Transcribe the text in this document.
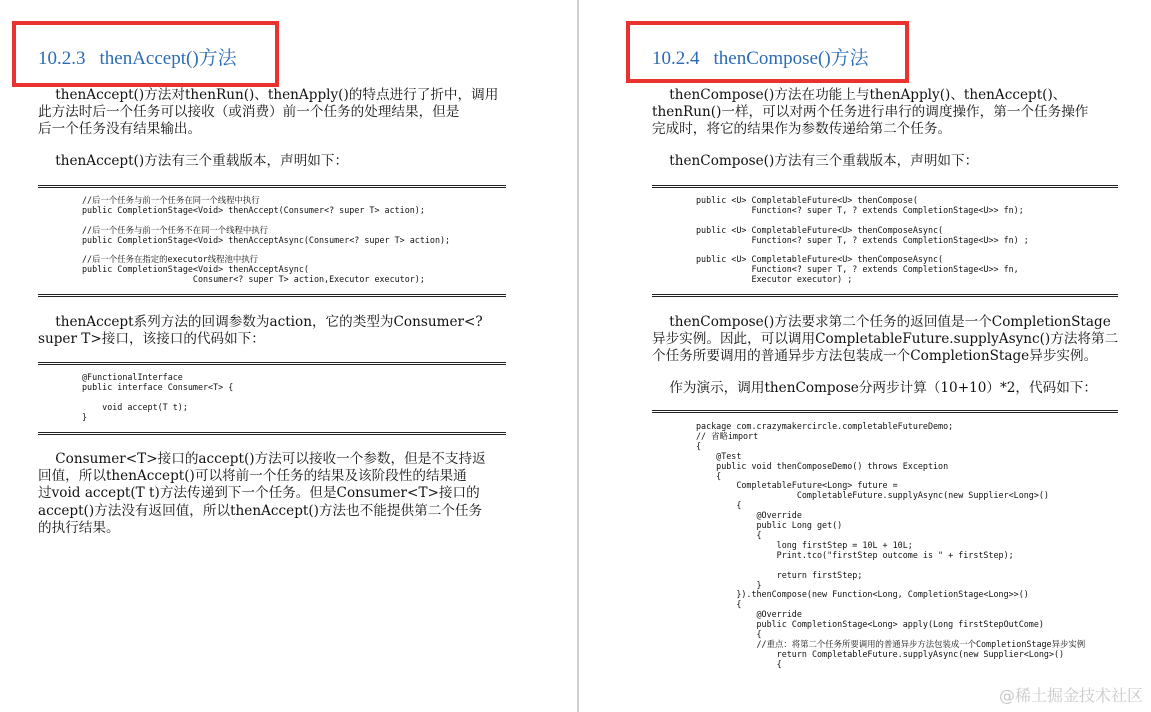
10.2.3 thenAccept()方法
thenAccept()方法对thenRun()、thenApply()的特点进行了折中，调用
此方法时后一个任务可以接收（或消费）前一个任务的处理结果，但是
后一个任务没有结果输出。
thenAccept()方法有三个重载版本，声明如下：
//后一个任务与前一个任务在同一个线程中执行
public CompletionStage<Void> thenAccept(Consumer<? super T> action);

//后一个任务与前一个任务不在同一个线程中执行
public CompletionStage<Void> thenAcceptAsync(Consumer<? super T> action);

//后一个任务在指定的executor线程池中执行
public CompletionStage<Void> thenAcceptAsync(
Consumer<? super T> action,Executor executor);
thenAccept系列方法的回调参数为action，它的类型为Consumer<?
super T>接口，该接口的代码如下：
@FunctionalInterface
public interface Consumer<T> {

void accept(T t);
}
Consumer<T>接口的accept()方法可以接收一个参数，但是不支持返
回值，所以thenAccept()可以将前一个任务的结果及该阶段性的结果通
过void accept(T t)方法传递到下一个任务。但是Consumer<T>接口的
accept()方法没有返回值，所以thenAccept()方法也不能提供第二个任务
的执行结果。
10.2.4 thenCompose()方法
thenCompose()方法在功能上与thenApply()、thenAccept()、
thenRun()一样，可以对两个任务进行串行的调度操作，第一个任务操作
完成时，将它的结果作为参数传递给第二个任务。
thenCompose()方法有三个重载版本，声明如下：
public <U> CompletableFuture<U> thenCompose(
Function<? super T, ? extends CompletionStage<U>> fn);

public <U> CompletableFuture<U> thenComposeAsync(
Function<? super T, ? extends CompletionStage<U>> fn) ;

public <U> CompletableFuture<U> thenComposeAsync(
Function<? super T, ? extends CompletionStage<U>> fn,
Executor executor) ;
thenCompose()方法要求第二个任务的返回值是一个CompletionStage
异步实例。因此，可以调用CompletableFuture.supplyAsync()方法将第二
个任务所要调用的普通异步方法包装成一个CompletionStage异步实例。
作为演示，调用thenCompose分两步计算（10+10）*2，代码如下：
package com.crazymakercircle.completableFutureDemo;
// 省略import
{
@Test
public void thenComposeDemo() throws Exception
{
CompletableFuture<Long> future =
CompletableFuture.supplyAsync(new Supplier<Long>()
{
@Override
public Long get()
{
long firstStep = 10L + 10L;
Print.tco("firstStep outcome is " + firstStep);

return firstStep;
}
}).thenCompose(new Function<Long, CompletionStage<Long>>()
{
@Override
public CompletionStage<Long> apply(Long firstStepOutCome)
{
//重点：将第二个任务所要调用的普通异步方法包装成一个CompletionStage异步实例
return CompletableFuture.supplyAsync(new Supplier<Long>()
{
@稀土掘金技术社区
